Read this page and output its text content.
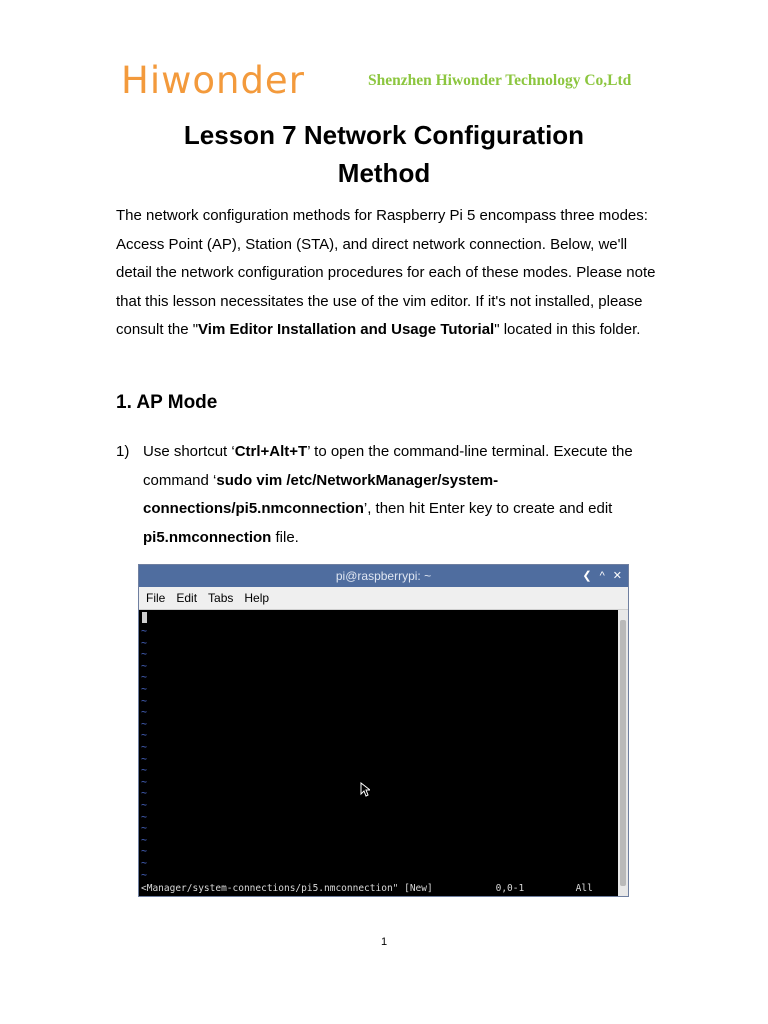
Hiwonder	Shenzhen Hiwonder Technology Co,Ltd
Lesson 7 Network Configuration
Method
The network configuration methods for Raspberry Pi 5 encompass three modes: Access Point (AP), Station (STA), and direct network connection. Below, we'll detail the network configuration procedures for each of these modes. Please note that this lesson necessitates the use of the vim editor. If it's not installed, please consult the "Vim Editor Installation and Usage Tutorial" located in this folder.
1. AP Mode
1) Use shortcut ‘Ctrl+Alt+T’ to open the command-line terminal. Execute the command ‘sudo vim /etc/NetworkManager/system-connections/pi5.nmconnection’, then hit Enter key to create and edit pi5.nmconnection file.
pi@raspberrypi: ~	❮ ^ ✕
File Edit Tabs Help
~
~
~
~
~
~
~
~
~
~
~
~
~
~
~
~
~
~
~
~
~
~
<Manager/system-connections/pi5.nmconnection" [New]           0,0-1         All
1
